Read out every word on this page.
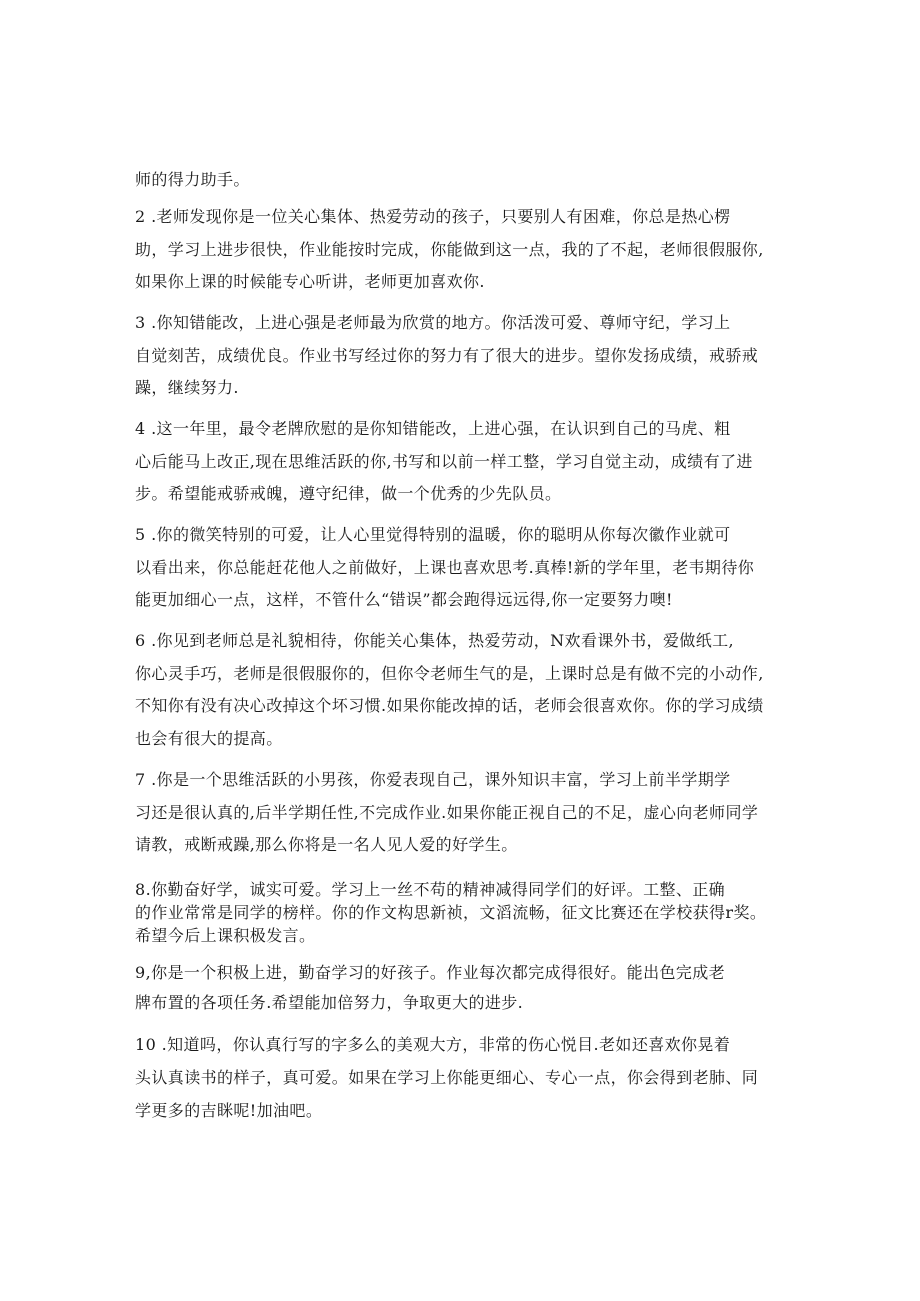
师的得力助手。

2 .老师发现你是一位关心集体、热爱劳动的孩子，只要别人有困难，你总是热心楞
助，学习上进步很快，作业能按时完成，你能做到这一点，我的了不起，老师很假服你,
如果你上课的时候能专心听讲，老师更加喜欢你.

3 .你知错能改，上进心强是老师最为欣赏的地方。你活泼可爱、尊师守纪，学习上
自觉刻苦，成绩优良。作业书写经过你的努力有了很大的进步。望你发扬成绩，戒骄戒
躁，继续努力.

4 .这一年里，最令老牌欣慰的是你知错能改，上进心强，在认识到自己的马虎、粗
心后能马上改正,现在思维活跃的你,书写和以前一样工整，学习自觉主动，成绩有了进
步。希望能戒骄戒魄，遵守纪律，做一个优秀的少先队员。

5 .你的微笑特别的可爱，让人心里觉得特别的温暖，你的聪明从你每次徽作业就可
以看出来，你总能赶花他人之前做好，上课也喜欢思考.真棒!新的学年里，老韦期待你
能更加细心一点，这样，不管什么“错误”都会跑得远远得,你一定要努力噢!

6 .你见到老师总是礼貌相待，你能关心集体，热爱劳动，N欢看课外书，爱做纸工,
你心灵手巧，老师是很假服你的，但你令老师生气的是，上课时总是有做不完的小动作,
不知你有没有决心改掉这个坏习惯.如果你能改掉的话，老师会很喜欢你。你的学习成绩
也会有很大的提高。

7 .你是一个思维活跃的小男孩，你爱表现自己，课外知识丰富，学习上前半学期学
习还是很认真的,后半学期任性,不完成作业.如果你能正视自己的不足，虚心向老师同学
请教，戒断戒躁,那么你将是一名人见人爱的好学生。

8.你勤奋好学，诚实可爱。学习上一丝不苟的精神减得同学们的好评。工整、正确
的作业常常是同学的榜样。你的作文构思新祯，文滔流畅，征文比赛还在学校获得r奖。
希望今后上课积极发言。

9,你是一个积极上进，勤奋学习的好孩子。作业每次都完成得很好。能出色完成老
牌布置的各项任务.希望能加倍努力，争取更大的进步.

10 .知道吗，你认真行写的字多么的美观大方，非常的伤心悦目.老如还喜欢你晃着
头认真读书的样子，真可爱。如果在学习上你能更细心、专心一点，你会得到老肺、同
学更多的吉眯呢!加油吧。
